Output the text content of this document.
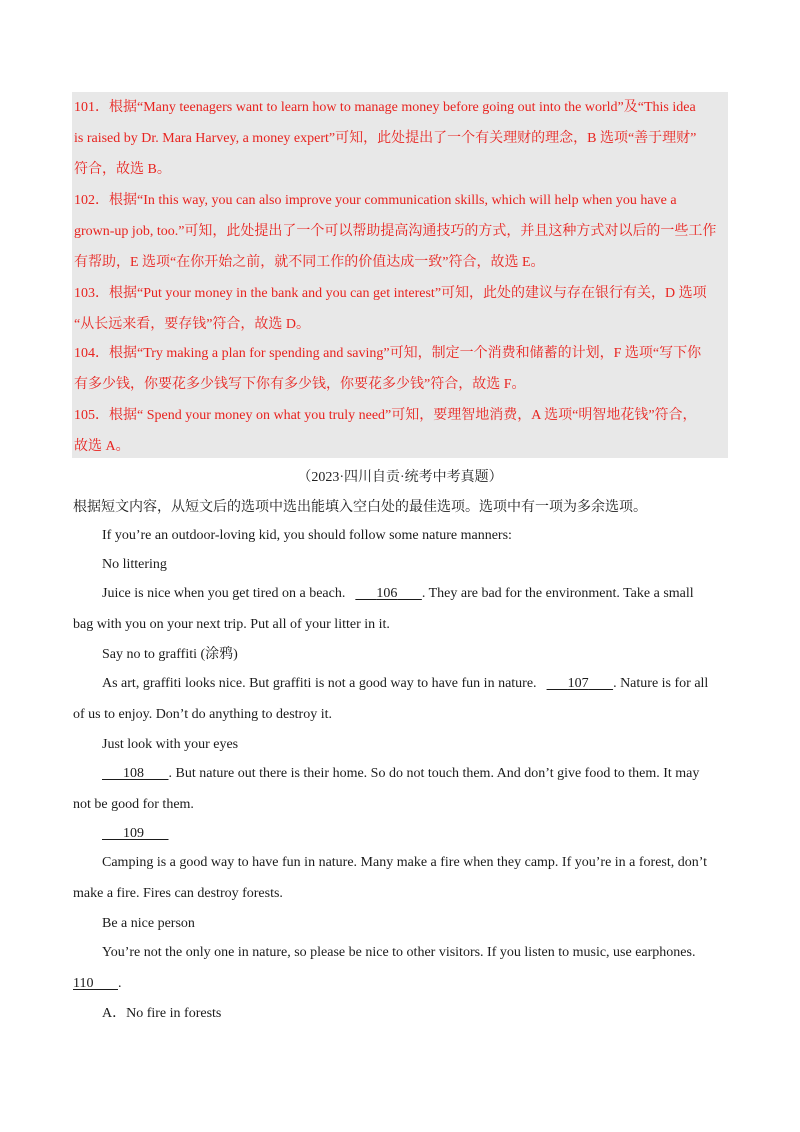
101．根据“Many teenagers want to learn how to manage money before going out into the world”及“This idea
is raised by Dr. Mara Harvey, a money expert”可知，此处提出了一个有关理财的理念，B 选项“善于理财”
符合，故选 B。
102．根据“In this way, you can also improve your communication skills, which will help when you have a
grown-up job, too.”可知，此处提出了一个可以帮助提高沟通技巧的方式，并且这种方式对以后的一些工作
有帮助，E 选项“在你开始之前，就不同工作的价值达成一致”符合，故选 E。
103．根据“Put your money in the bank and you can get interest”可知，此处的建议与存在银行有关，D 选项
“从长远来看，要存钱”符合，故选 D。
104．根据“Try making a plan for spending and saving”可知，制定一个消费和储蓄的计划，F 选项“写下你
有多少钱，你要花多少钱写下你有多少钱，你要花多少钱”符合，故选 F。
105．根据“ Spend your money on what you truly need”可知，要理智地消费，A 选项“明智地花钱”符合，
故选 A。
（2023·四川自贡·统考中考真题）
根据短文内容，从短文后的选项中选出能填入空白处的最佳选项。选项中有一项为多余选项。
If you’re an outdoor-loving kid, you should follow some nature manners:
No littering
Juice is nice when you get tired on a beach. 106 . They are bad for the environment. Take a small
bag with you on your next trip. Put all of your litter in it.
Say no to graffiti (涂鸦)
As art, graffiti looks nice. But graffiti is not a good way to have fun in nature. 107 . Nature is for all
of us to enjoy. Don’t do anything to destroy it.
Just look with your eyes
108 . But nature out there is their home. So do not touch them. And don’t give food to them. It may
not be good for them.
109
Camping is a good way to have fun in nature. Many make a fire when they camp. If you’re in a forest, don’t
make a fire. Fires can destroy forests.
Be a nice person
You’re not the only one in nature, so please be nice to other visitors. If you listen to music, use earphones.
110 .
A．No fire in forests
